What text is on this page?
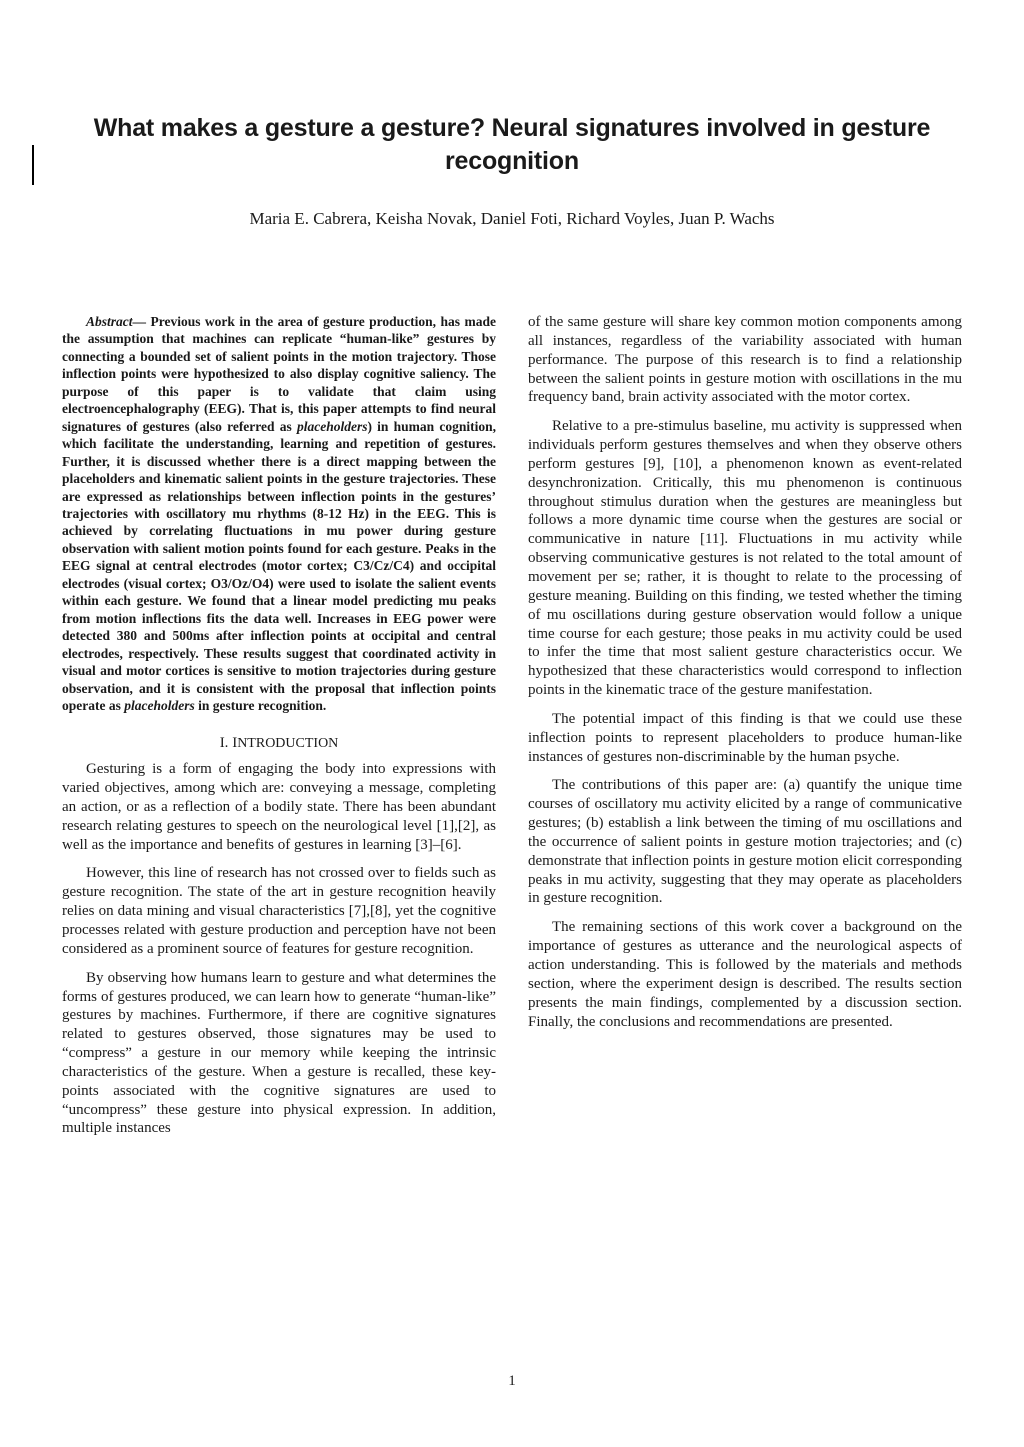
What makes a gesture a gesture? Neural signatures involved in gesture recognition
Maria E. Cabrera, Keisha Novak, Daniel Foti, Richard Voyles, Juan P. Wachs

Abstract— Previous work in the area of gesture production, has made the assumption that machines can replicate “human-like” gestures by connecting a bounded set of salient points in the motion trajectory. Those inflection points were hypothesized to also display cognitive saliency. The purpose of this paper is to validate that claim using electroencephalography (EEG). That is, this paper attempts to find neural signatures of gestures (also referred as placeholders) in human cognition, which facilitate the understanding, learning and repetition of gestures. Further, it is discussed whether there is a direct mapping between the placeholders and kinematic salient points in the gesture trajectories. These are expressed as relationships between inflection points in the gestures’ trajectories with oscillatory mu rhythms (8-12 Hz) in the EEG. This is achieved by correlating fluctuations in mu power during gesture observation with salient motion points found for each gesture. Peaks in the EEG signal at central electrodes (motor cortex; C3/Cz/C4) and occipital electrodes (visual cortex; O3/Oz/O4) were used to isolate the salient events within each gesture. We found that a linear model predicting mu peaks from motion inflections fits the data well. Increases in EEG power were detected 380 and 500ms after inflection points at occipital and central electrodes, respectively. These results suggest that coordinated activity in visual and motor cortices is sensitive to motion trajectories during gesture observation, and it is consistent with the proposal that inflection points operate as placeholders in gesture recognition.

I. INTRODUCTION

Gesturing is a form of engaging the body into expressions with varied objectives, among which are: conveying a message, completing an action, or as a reflection of a bodily state. There has been abundant research relating gestures to speech on the neurological level [1],[2], as well as the importance and benefits of gestures in learning [3]–[6].

However, this line of research has not crossed over to fields such as gesture recognition. The state of the art in gesture recognition heavily relies on data mining and visual characteristics [7],[8], yet the cognitive processes related with gesture production and perception have not been considered as a prominent source of features for gesture recognition.

By observing how humans learn to gesture and what determines the forms of gestures produced, we can learn how to generate “human-like” gestures by machines. Furthermore, if there are cognitive signatures related to gestures observed, those signatures may be used to “compress” a gesture in our memory while keeping the intrinsic characteristics of the gesture. When a gesture is recalled, these key-points associated with the cognitive signatures are used to “uncompress” these gesture into physical expression. In addition, multiple instances

of the same gesture will share key common motion components among all instances, regardless of the variability associated with human performance. The purpose of this research is to find a relationship between the salient points in gesture motion with oscillations in the mu frequency band, brain activity associated with the motor cortex.

Relative to a pre-stimulus baseline, mu activity is suppressed when individuals perform gestures themselves and when they observe others perform gestures [9], [10], a phenomenon known as event-related desynchronization. Critically, this mu phenomenon is continuous throughout stimulus duration when the gestures are meaningless but follows a more dynamic time course when the gestures are social or communicative in nature [11]. Fluctuations in mu activity while observing communicative gestures is not related to the total amount of movement per se; rather, it is thought to relate to the processing of gesture meaning. Building on this finding, we tested whether the timing of mu oscillations during gesture observation would follow a unique time course for each gesture; those peaks in mu activity could be used to infer the time that most salient gesture characteristics occur. We hypothesized that these characteristics would correspond to inflection points in the kinematic trace of the gesture manifestation.

The potential impact of this finding is that we could use these inflection points to represent placeholders to produce human-like instances of gestures non-discriminable by the human psyche.

The contributions of this paper are: (a) quantify the unique time courses of oscillatory mu activity elicited by a range of communicative gestures; (b) establish a link between the timing of mu oscillations and the occurrence of salient points in gesture motion trajectories; and (c) demonstrate that inflection points in gesture motion elicit corresponding peaks in mu activity, suggesting that they may operate as placeholders in gesture recognition.

The remaining sections of this work cover a background on the importance of gestures as utterance and the neurological aspects of action understanding. This is followed by the materials and methods section, where the experiment design is described. The results section presents the main findings, complemented by a discussion section. Finally, the conclusions and recommendations are presented.

1
